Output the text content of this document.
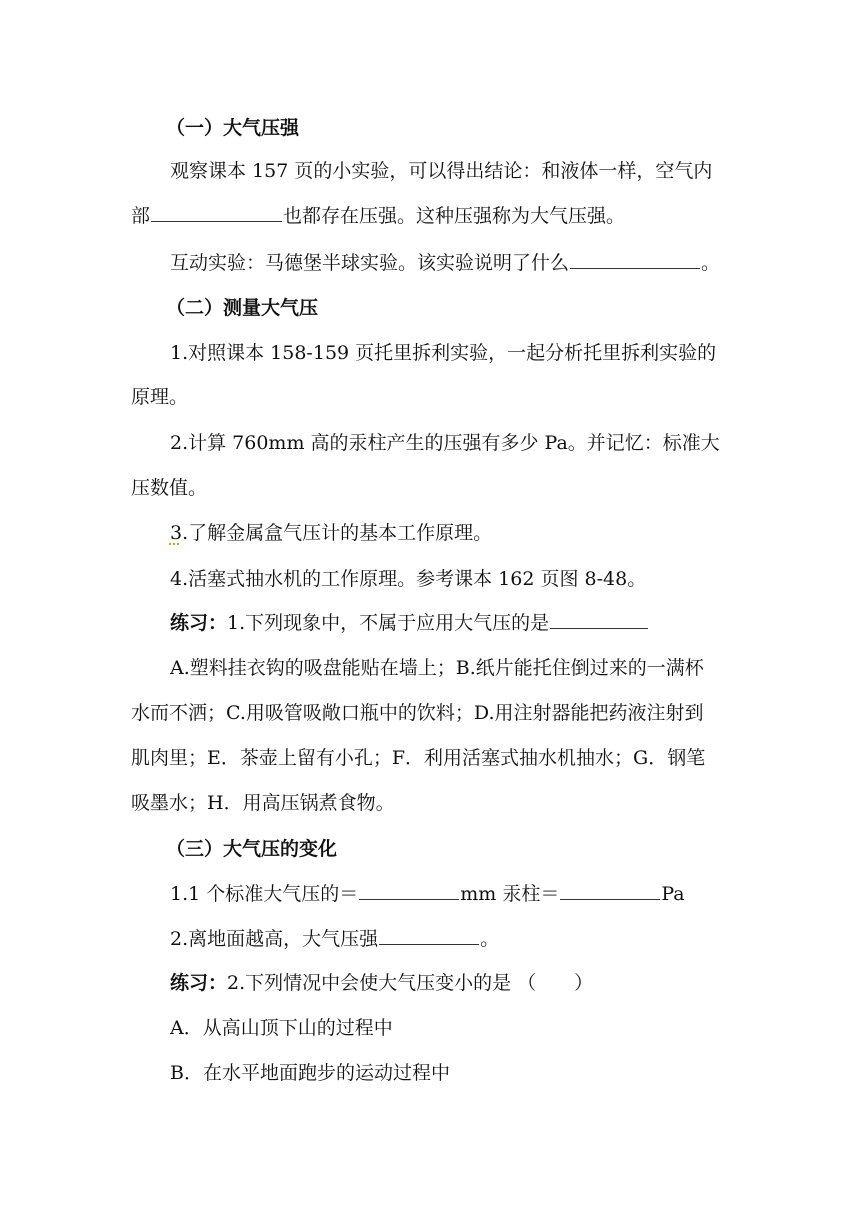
（一）大气压强
观察课本 157 页的小实验，可以得出结论：和液体一样，空气内
部	也都存在压强。这种压强称为大气压强。
互动实验：马德堡半球实验。该实验说明了什么	。
（二）测量大气压
1.对照课本 158-159 页托里拆利实验，一起分析托里拆利实验的
原理。
2.计算 760mm 高的汞柱产生的压强有多少 Pa。并记忆：标准大
压数值。
3.了解金属盒气压计的基本工作原理。
4.活塞式抽水机的工作原理。参考课本 162 页图 8-48。
练习：1.下列现象中，不属于应用大气压的是
A.塑料挂衣钩的吸盘能贴在墙上；B.纸片能托住倒过来的一满杯
水而不洒；C.用吸管吸敞口瓶中的饮料；D.用注射器能把药液注射到
肌肉里；E．茶壶上留有小孔；F．利用活塞式抽水机抽水；G．钢笔
吸墨水；H．用高压锅煮食物。
（三）大气压的变化
1.1 个标准大气压的＝	mm 汞柱＝	Pa
2.离地面越高，大气压强	。
练习：2.下列情况中会使大气压变小的是 （　　）
A．从高山顶下山的过程中
B．在水平地面跑步的运动过程中
